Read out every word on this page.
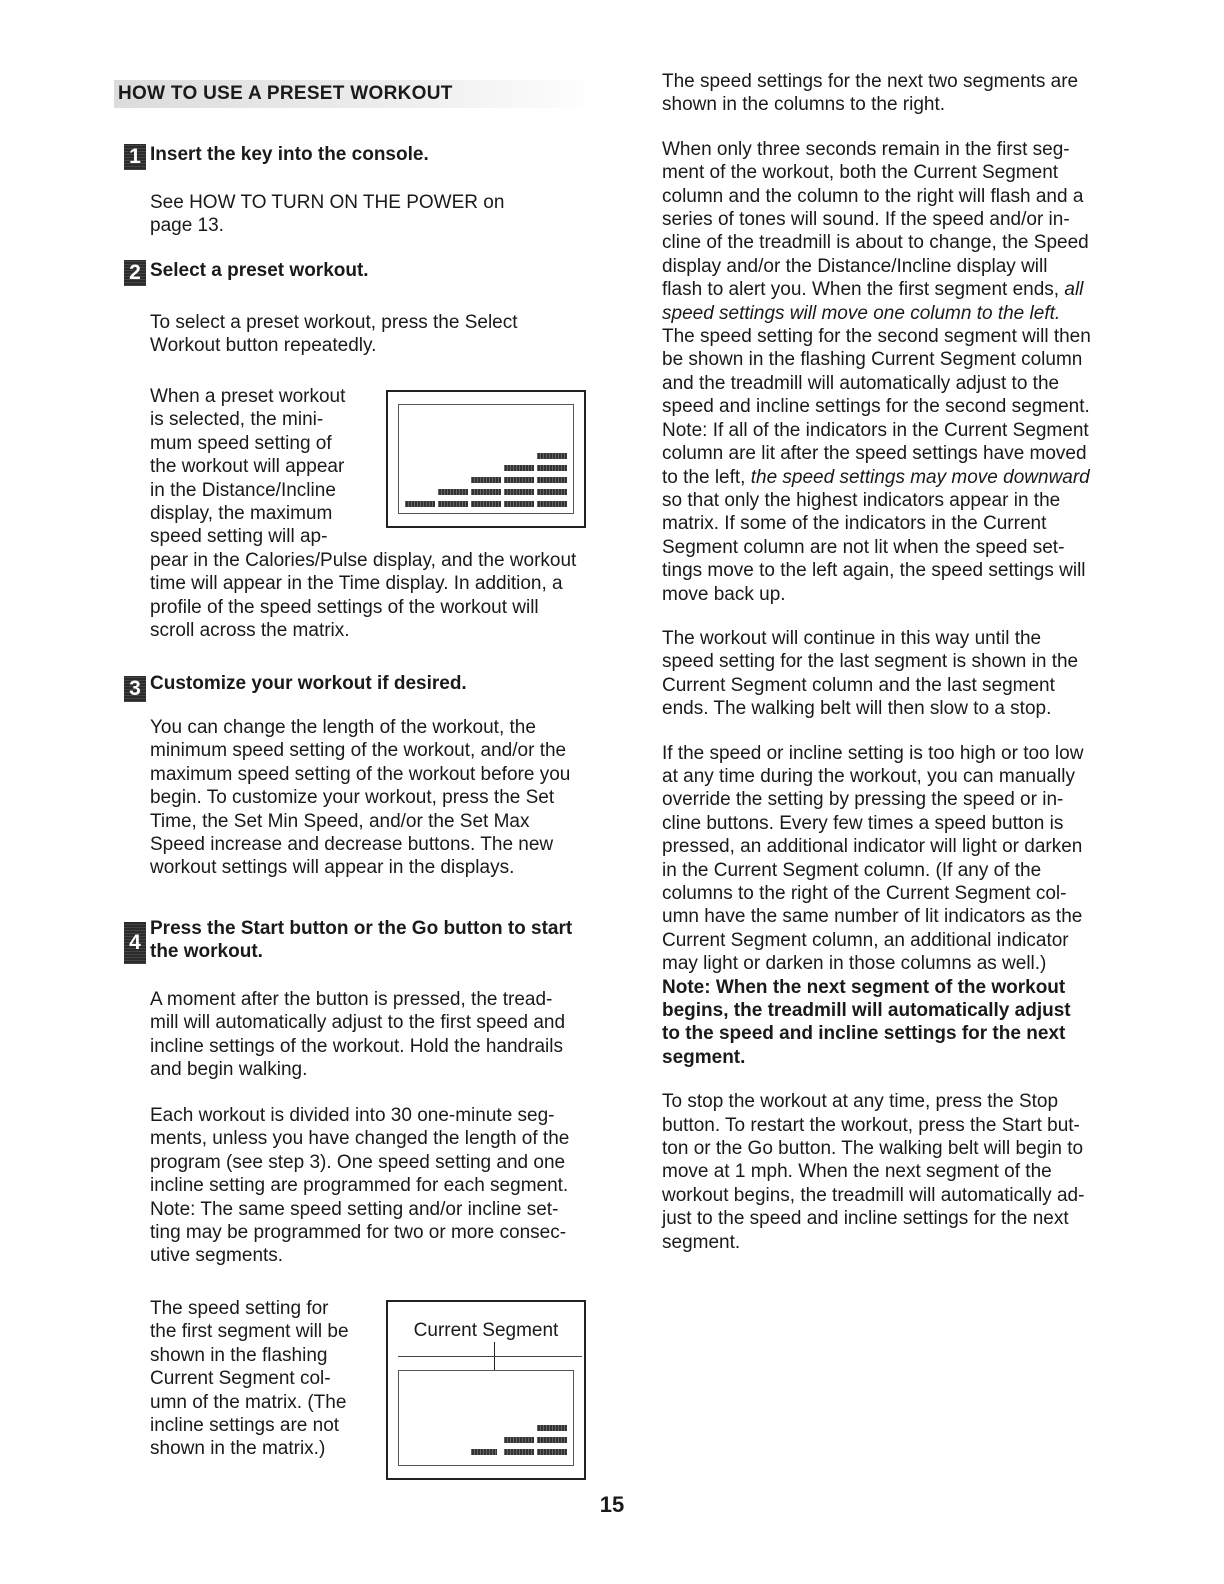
HOW TO USE A PRESET WORKOUT
1 Insert the key into the console.

See HOW TO TURN ON THE POWER on

page 13.

2 Select a preset workout.

To select a preset workout, press the Select

Workout button repeatedly.

When a preset workout

is selected, the mini-

mum speed setting of

the workout will appear

in the Distance/Incline

display, the maximum

speed setting will ap-

pear in the Calories/Pulse display, and the workout

time will appear in the Time display. In addition, a

profile of the speed settings of the workout will

scroll across the matrix.

3 Customize your workout if desired.

You can change the length of the workout, the

minimum speed setting of the workout, and/or the

maximum speed setting of the workout before you

begin. To customize your workout, press the Set

Time, the Set Min Speed, and/or the Set Max

Speed increase and decrease buttons. The new

workout settings will appear in the displays.

4

Press the Start button or the Go button to start

the workout.

A moment after the button is pressed, the tread-

mill will automatically adjust to the first speed and

incline settings of the workout. Hold the handrails

and begin walking.

Each workout is divided into 30 one-minute seg-

ments, unless you have changed the length of the

program (see step 3). One speed setting and one

incline setting are programmed for each segment.

Note: The same speed setting and/or incline set-

ting may be programmed for two or more consec-

utive segments.

The speed setting for

the first segment will be

shown in the flashing

Current Segment col-

umn of the matrix. (The

incline settings are not

shown in the matrix.)

Current Segment

The speed settings for the next two segments are

shown in the columns to the right.

When only three seconds remain in the first seg-

ment of the workout, both the Current Segment

column and the column to the right will flash and a

series of tones will sound. If the speed and/or in-

cline of the treadmill is about to change, the Speed

display and/or the Distance/Incline display will

flash to alert you. When the first segment ends, all

speed settings will move one column to the left.

The speed setting for the second segment will then

be shown in the flashing Current Segment column

and the treadmill will automatically adjust to the

speed and incline settings for the second segment.

Note: If all of the indicators in the Current Segment

column are lit after the speed settings have moved

to the left, the speed settings may move downward

so that only the highest indicators appear in the

matrix. If some of the indicators in the Current

Segment column are not lit when the speed set-

tings move to the left again, the speed settings will

move back up.

The workout will continue in this way until the

speed setting for the last segment is shown in the

Current Segment column and the last segment

ends. The walking belt will then slow to a stop.

If the speed or incline setting is too high or too low

at any time during the workout, you can manually

override the setting by pressing the speed or in-

cline buttons. Every few times a speed button is

pressed, an additional indicator will light or darken

in the Current Segment column. (If any of the

columns to the right of the Current Segment col-

umn have the same number of lit indicators as the

Current Segment column, an additional indicator

may light or darken in those columns as well.)

Note: When the next segment of the workout

begins, the treadmill will automatically adjust

to the speed and incline settings for the next

segment.

To stop the workout at any time, press the Stop

button. To restart the workout, press the Start but-

ton or the Go button. The walking belt will begin to

move at 1 mph. When the next segment of the

workout begins, the treadmill will automatically ad-

just to the speed and incline settings for the next

segment.

15
